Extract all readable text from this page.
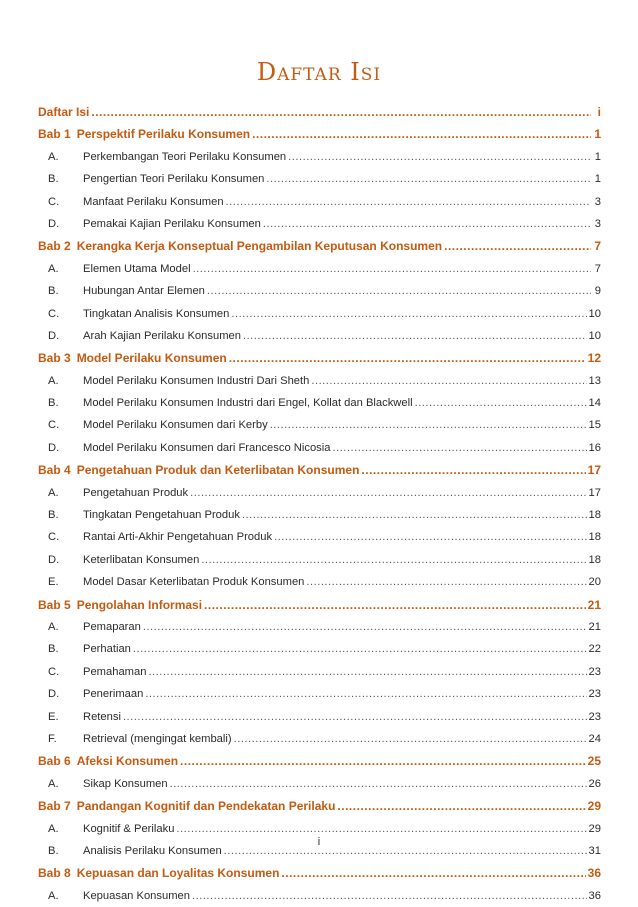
Daftar Isi
Daftar Isi .....	i
Bab 1 Perspektif Perilaku Konsumen .....	1
A.	Perkembangan Teori Perilaku Konsumen .....	1
B.	Pengertian Teori Perilaku Konsumen .....	1
C.	Manfaat Perilaku Konsumen .....	3
D.	Pemakai Kajian Perilaku Konsumen .....	3
Bab 2 Kerangka Kerja Konseptual Pengambilan Keputusan Konsumen .....	7
A.	Elemen Utama Model .....	7
B.	Hubungan Antar Elemen .....	9
C.	Tingkatan Analisis Konsumen .....	10
D.	Arah Kajian Perilaku Konsumen .....	10
Bab 3 Model Perilaku Konsumen .....	12
A.	Model Perilaku Konsumen Industri Dari Sheth .....	13
B.	Model Perilaku Konsumen Industri dari Engel, Kollat dan Blackwell .....	14
C.	Model Perilaku Konsumen dari Kerby .....	15
D.	Model Perilaku Konsumen dari Francesco Nicosia .....	16
Bab 4 Pengetahuan Produk dan Keterlibatan Konsumen .....	17
A.	Pengetahuan Produk .....	17
B.	Tingkatan Pengetahuan Produk .....	18
C.	Rantai Arti-Akhir Pengetahuan Produk .....	18
D.	Keterlibatan Konsumen .....	18
E.	Model Dasar Keterlibatan Produk Konsumen .....	20
Bab 5 Pengolahan Informasi .....	21
A.	Pemaparan .....	21
B.	Perhatian .....	22
C.	Pemahaman .....	23
D.	Penerimaan .....	23
E.	Retensi .....	23
F.	Retrieval (mengingat kembali) .....	24
Bab 6 Afeksi Konsumen .....	25
A.	Sikap Konsumen .....	26
Bab 7 Pandangan Kognitif dan Pendekatan Perilaku .....	29
A.	Kognitif & Perilaku .....	29
B.	Analisis Perilaku Konsumen .....	31
Bab 8 Kepuasan dan Loyalitas Konsumen .....	36
A.	Kepuasan Konsumen .....	36
i
